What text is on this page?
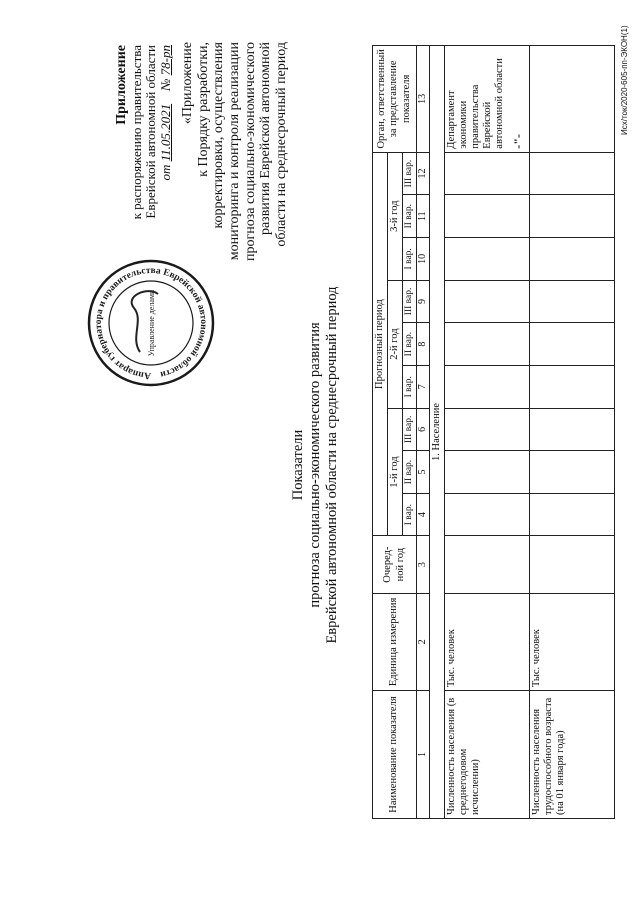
Аппарат губернатора и правительства Еврейской автономной области
Управление делами
Приложение к распоряжению правительства Еврейской автономной области от 11.05.2021    № 78-рп «Приложение к Порядку разработки, корректировки, осуществления мониторинга и контроля реализации прогноза социально-экономического развития Еврейской автономной области на среднесрочный период
Показатели прогноза социально-экономического развития Еврейской автономной области на среднесрочный период
Наименование показателя	Единица измерения	Очеред-ной год	Прогнозный период									Орган, ответственный за представление показателя
			1-й год			2-й год			3-й год			
			I вар.	II вар.	III вар.	I вар.	II вар.	III вар.	I вар.	II вар.	III вар.	
1	2	3	4	5	6	7	8	9	10	11	12	13
1. Население												
Численность населения (в среднегодовом исчислении)	Тыс. человек											Департамент экономики правительства Еврейской автономной области -"-

Численность населения трудоспособного возраста (на 01 января года)	Тыс. человек											
Исх/ток/2020-605-пп-ЭКОН(1)
